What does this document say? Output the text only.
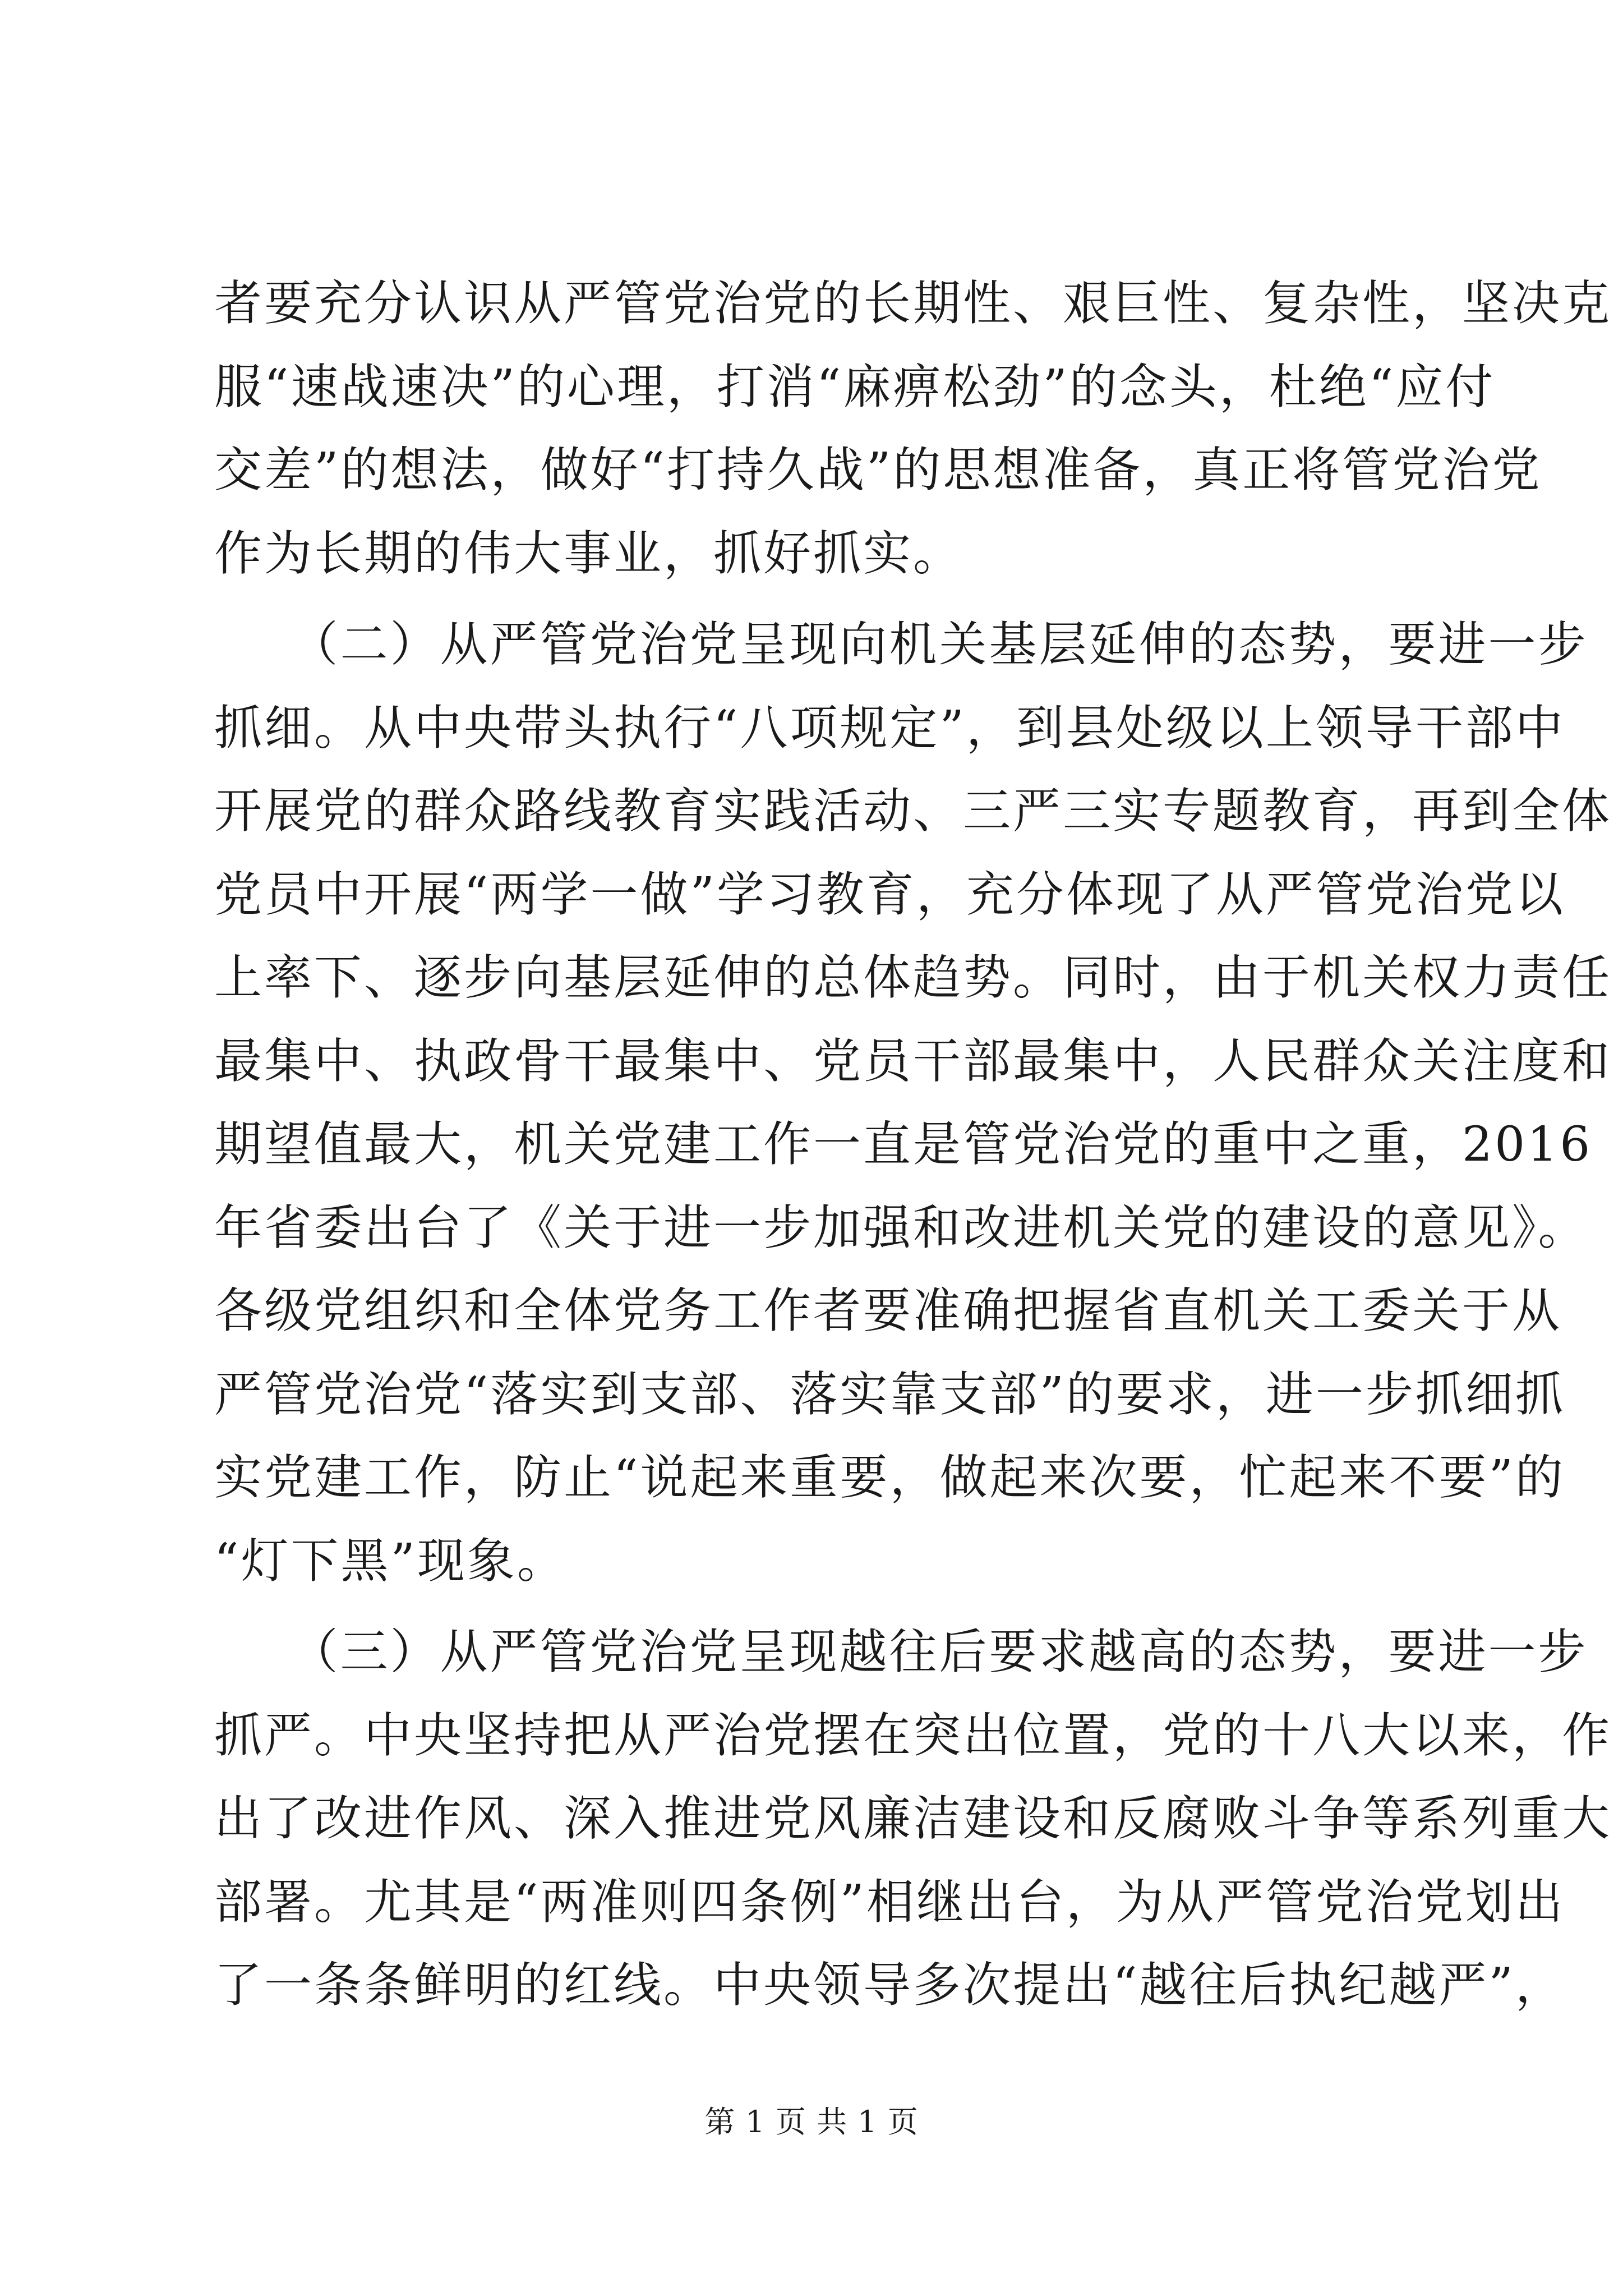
者要充分认识从严管党治党的长期性、艰巨性、复杂性，坚决克
服“速战速决”的心理，打消“麻痹松劲”的念头，杜绝“应付
交差”的想法，做好“打持久战”的思想准备，真正将管党治党
作为长期的伟大事业，抓好抓实。
　　（二）从严管党治党呈现向机关基层延伸的态势，要进一步
抓细。从中央带头执行“八项规定”，到县处级以上领导干部中
开展党的群众路线教育实践活动、三严三实专题教育，再到全体
党员中开展“两学一做”学习教育，充分体现了从严管党治党以
上率下、逐步向基层延伸的总体趋势。同时，由于机关权力责任
最集中、执政骨干最集中、党员干部最集中，人民群众关注度和
期望值最大，机关党建工作一直是管党治党的重中之重，2016
年省委出台了《关于进一步加强和改进机关党的建设的意见》。
各级党组织和全体党务工作者要准确把握省直机关工委关于从
严管党治党“落实到支部、落实靠支部”的要求，进一步抓细抓
实党建工作，防止“说起来重要，做起来次要，忙起来不要”的
“灯下黑”现象。
　　（三）从严管党治党呈现越往后要求越高的态势，要进一步
抓严。中央坚持把从严治党摆在突出位置，党的十八大以来，作
出了改进作风、深入推进党风廉洁建设和反腐败斗争等系列重大
部署。尤其是“两准则四条例”相继出台，为从严管党治党划出
了一条条鲜明的红线。中央领导多次提出“越往后执纪越严”，
第 1 页 共 1 页
